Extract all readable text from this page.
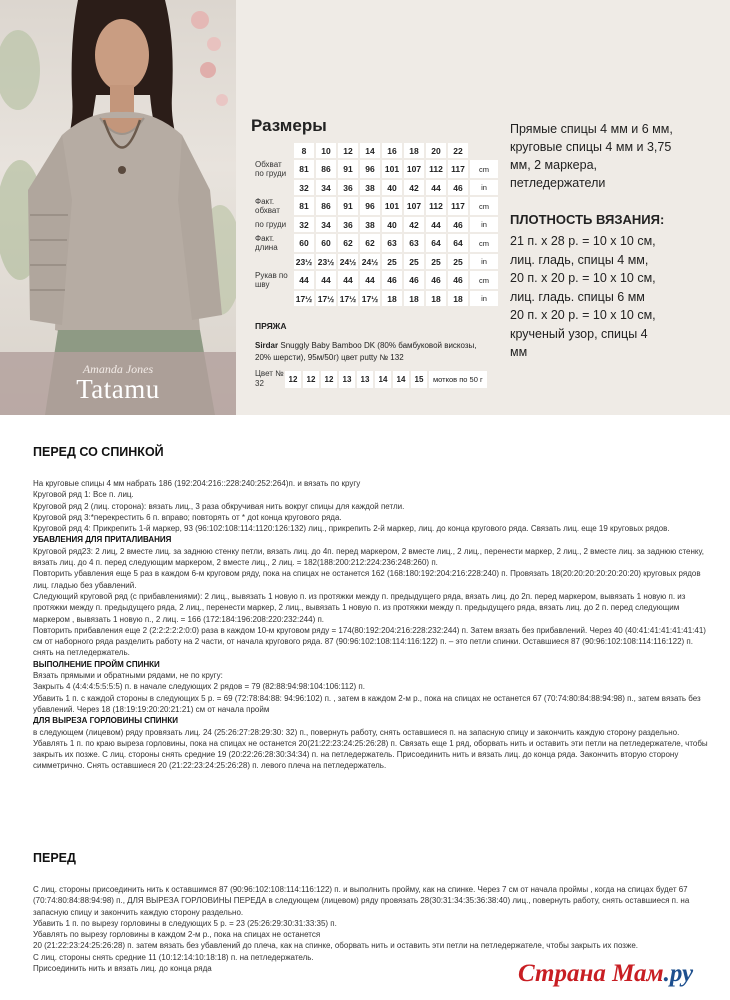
Amanda Jones
Tatamu
Размеры
	8	10	12	14	16	18	20	22	
Обхват по груди	81	86	91	96	101	107	112	117	cm
	32	34	36	38	40	42	44	46	in
Факт. обхват	81	86	91	96	101	107	112	117	cm
по груди	32	34	36	38	40	42	44	46	in
Факт. длина	60	60	62	62	63	63	64	64	cm
	23½	23½	24½	24½	25	25	25	25	in
Рукав по шву	44	44	44	44	46	46	46	46	cm
	17½	17½	17½	17½	18	18	18	18	in
ПРЯЖА
Sirdar Snuggly Baby Bamboo DK (80% бамбуковой вискозы, 20% шерсти), 95м/50г) цвет putty № 132
Цвет № 32	12	12	12	13	13	14	14	15	мотков по 50 г
Прямые спицы 4 мм и 6 мм, круговые спицы 4 мм и 3,75 мм, 2 маркера, петледержатели
ПЛОТНОСТЬ ВЯЗАНИЯ:
21 п. х 28 р. = 10 х 10 см,
лиц. гладь, спицы 4 мм,
20 п. х 20 р. = 10 х 10 см,
лиц. гладь. спицы 6 мм
20 п. х 20 р. = 10 х 10 см,
крученый узор, спицы 4
мм
ПЕРЕД СО СПИНКОЙ

На круговые спицы 4 мм набрать 186 (192:204:216::228:240:252:264)п. и вязать по кругу

Круговой ряд 1: Все п. лиц.

Круговой ряд 2 (лиц. сторона): вязать лиц., 3 раза обкручивая нить вокруг спицы для каждой петли.

Круговой ряд 3:*перекрестить 6 п. вправо; повторять от * доt конца кругового ряда.

Круговой ряд 4: Прикрепить 1-й маркер, 93 (96:102:108:114:1120:126:132) лиц., прикрепить 2-й маркер, лиц. до конца кругового ряда. Связать лиц. еще 19 круговых рядов.

УБАВЛЕНИЯ ДЛЯ ПРИТАЛИВАНИЯ

Круговой ряд23: 2 лиц, 2 вместе лиц. за заднюю стенку петли, вязать лиц. до 4п. перед маркером, 2 вместе лиц., 2 лиц., перенести маркер, 2 лиц., 2 вместе лиц. за заднюю стенку, вязать лиц. до 4 п. перед следующим маркером, 2 вместе лиц., 2 лиц. = 182(188:200:212:224:236:248:260) п.

Повторить убавления еще 5 раз в каждом 6-м круговом ряду, пока на спицах не останется 162 (168:180:192:204:216:228:240) п. Провязать 18(20:20:20:20:20:20:20) круговых рядов лиц. гладью без убавлений.

Следующий круговой ряд (с прибавлениями): 2 лиц., вывязать 1 новую п. из протяжки между п. предыдущего ряда, вязать лиц. до 2п. перед маркером, вывязать 1 новую п. из протяжки между п. предыдущего ряда, 2 лиц., перенести маркер, 2 лиц., вывязать 1 новую п. из протяжки между п. предыдущего ряда, вязать лиц. до 2 п. перед следующим маркером , вывязать 1 новую п., 2 лиц. = 166 (172:184:196:208:220:232:244) п.

Повторить прибавления еще 2 (2:2:2:2:2:0:0) раза в каждом 10-м круговом ряду = 174(80:192:204:216:228:232:244) п. Затем вязать без прибавлений. Через 40 (40:41:41:41:41:41:41) см от наборного ряда разделить работу на 2 части, от начала кругового ряда. 87 (90:96:102:108:114:116:122) п. – это петли спинки. Оставшиеся 87 (90:96:102:108:114:116:122) п. снять на петледержатель.

ВЫПОЛНЕНИЕ ПРОЙМ СПИНКИ

Вязать прямыми и обратными рядами, не по кругу:

Закрыть 4 (4:4:4:5:5:5:5) п. в начале следующих 2 рядов = 79 (82:88:94:98:104:106:112) п.

Убавить 1 п. с каждой стороны в следующих 5 р. = 69 (72:78:84:88: 94:96:102) п. , затем в каждом 2-м р., пока на спицах не останется 67 (70:74:80:84:88:94:98) п., затем вязать без убавлений. Через 18 (18:19:19:20:20:21:21) см от начала пройм

ДЛЯ ВЫРЕЗА ГОРЛОВИНЫ СПИНКИ

в следующем (лицевом) ряду провязать лиц. 24 (25:26:27:28:29:30: 32) п., повернуть работу, снять оставшиеся п. на запасную спицу и закончить каждую сторону раздельно.

Убавлять 1 п. по краю выреза горловины, пока на спицах не останется 20(21:22:23:24:25:26:28) п. Связать еще 1 ряд, оборвать нить и оставить эти петли на петледержателе, чтобы закрыть их позже. С лиц. стороны снять средние 19 (20:22:26:28:30:34:34) п. на петледержатель. Присоединить нить и вязать лиц. до конца ряда. Закончить вторую сторону симметрично. Снять оставшиеся 20 (21:22:23:24:25:26:28) п. левого плеча на петледержатель.

ПЕРЕД

С лиц. стороны присоединить нить к оставшимся 87 (90:96:102:108:114:116:122) п. и выполнить пройму, как на спинке. Через 7 см от начала проймы , когда на спицах будет 67 (70:74:80:84:88:94:98) п., ДЛЯ ВЫРЕЗА ГОРЛОВИНЫ ПЕРЕДА в следующем (лицевом) ряду провязать 28(30:31:34:35:36:38:40) лиц., повернуть работу, снять оставшиеся п. на запасную спицу и закончить каждую сторону раздельно.

Убавить 1 п. по вырезу горловины в следующих 5 р. = 23 (25:26:29:30:31:33:35) п.

Убавлять по вырезу горловины в каждом 2-м р., пока на спицах не останется

20 (21:22:23:24:25:26:28) п. затем вязать без убавлений до плеча, как на спинке, оборвать нить и оставить эти петли на петледержателе, чтобы закрыть их позже.

С лиц. стороны снять средние 11 (10:12:14:10:18:18) п. на петледержатель.

Присоединить нить и вязать лиц. до конца ряда	Страна Мам.ру
